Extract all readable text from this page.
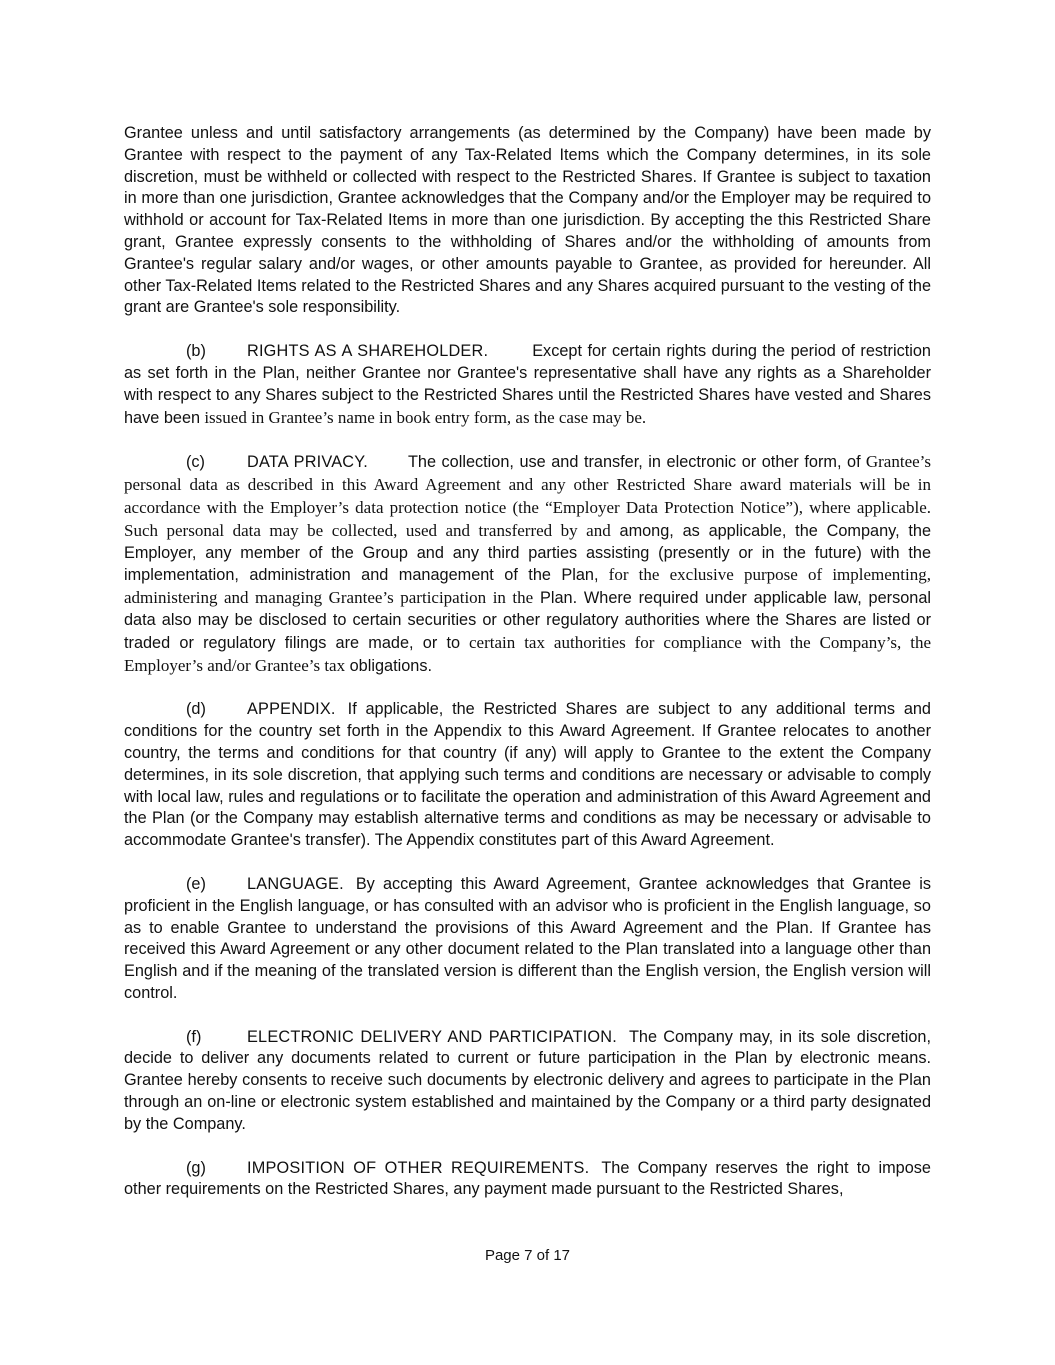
Grantee unless and until satisfactory arrangements (as determined by the Company) have been made by Grantee with respect to the payment of any Tax-Related Items which the Company determines, in its sole discretion, must be withheld or collected with respect to the Restricted Shares. If Grantee is subject to taxation in more than one jurisdiction, Grantee acknowledges that the Company and/or the Employer may be required to withhold or account for Tax-Related Items in more than one jurisdiction. By accepting the this Restricted Share grant, Grantee expressly consents to the withholding of Shares and/or the withholding of amounts from Grantee's regular salary and/or wages, or other amounts payable to Grantee, as provided for hereunder. All other Tax-Related Items related to the Restricted Shares and any Shares acquired pursuant to the vesting of the grant are Grantee's sole responsibility.

(b)	RIGHTS AS A SHAREHOLDER.	Except for certain rights during the period of restriction as set forth in the Plan, neither Grantee nor Grantee's representative shall have any rights as a Shareholder with respect to any Shares subject to the Restricted Shares until the Restricted Shares have vested and Shares have been issued in Grantee’s name in book entry form, as the case may be.

(c)	DATA PRIVACY. The collection, use and transfer, in electronic or other form, of Grantee’s personal data as described in this Award Agreement and any other Restricted Share award materials will be in accordance with the Employer’s data protection notice (the “Employer Data Protection Notice”), where applicable. Such personal data may be collected, used and transferred by and among, as applicable, the Company, the Employer, any member of the Group and any third parties assisting (presently or in the future) with the implementation, administration and management of the Plan, for the exclusive purpose of implementing, administering and managing Grantee’s participation in the Plan. Where required under applicable law, personal data also may be disclosed to certain securities or other regulatory authorities where the Shares are listed or traded or regulatory filings are made, or to certain tax authorities for compliance with the Company’s, the Employer’s and/or Grantee’s tax obligations.

(d)	APPENDIX. If applicable, the Restricted Shares are subject to any additional terms and conditions for the country set forth in the Appendix to this Award Agreement. If Grantee relocates to another country, the terms and conditions for that country (if any) will apply to Grantee to the extent the Company determines, in its sole discretion, that applying such terms and conditions are necessary or advisable to comply with local law, rules and regulations or to facilitate the operation and administration of this Award Agreement and the Plan (or the Company may establish alternative terms and conditions as may be necessary or advisable to accommodate Grantee's transfer). The Appendix constitutes part of this Award Agreement.

(e)	LANGUAGE. By accepting this Award Agreement, Grantee acknowledges that Grantee is proficient in the English language, or has consulted with an advisor who is proficient in the English language, so as to enable Grantee to understand the provisions of this Award Agreement and the Plan. If Grantee has received this Award Agreement or any other document related to the Plan translated into a language other than English and if the meaning of the translated version is different than the English version, the English version will control.

(f)	ELECTRONIC DELIVERY AND PARTICIPATION. The Company may, in its sole discretion, decide to deliver any documents related to current or future participation in the Plan by electronic means. Grantee hereby consents to receive such documents by electronic delivery and agrees to participate in the Plan through an on-line or electronic system established and maintained by the Company or a third party designated by the Company.

(g)	IMPOSITION OF OTHER REQUIREMENTS. The Company reserves the right to impose other requirements on the Restricted Shares, any payment made pursuant to the Restricted Shares,

Page 7 of 17
